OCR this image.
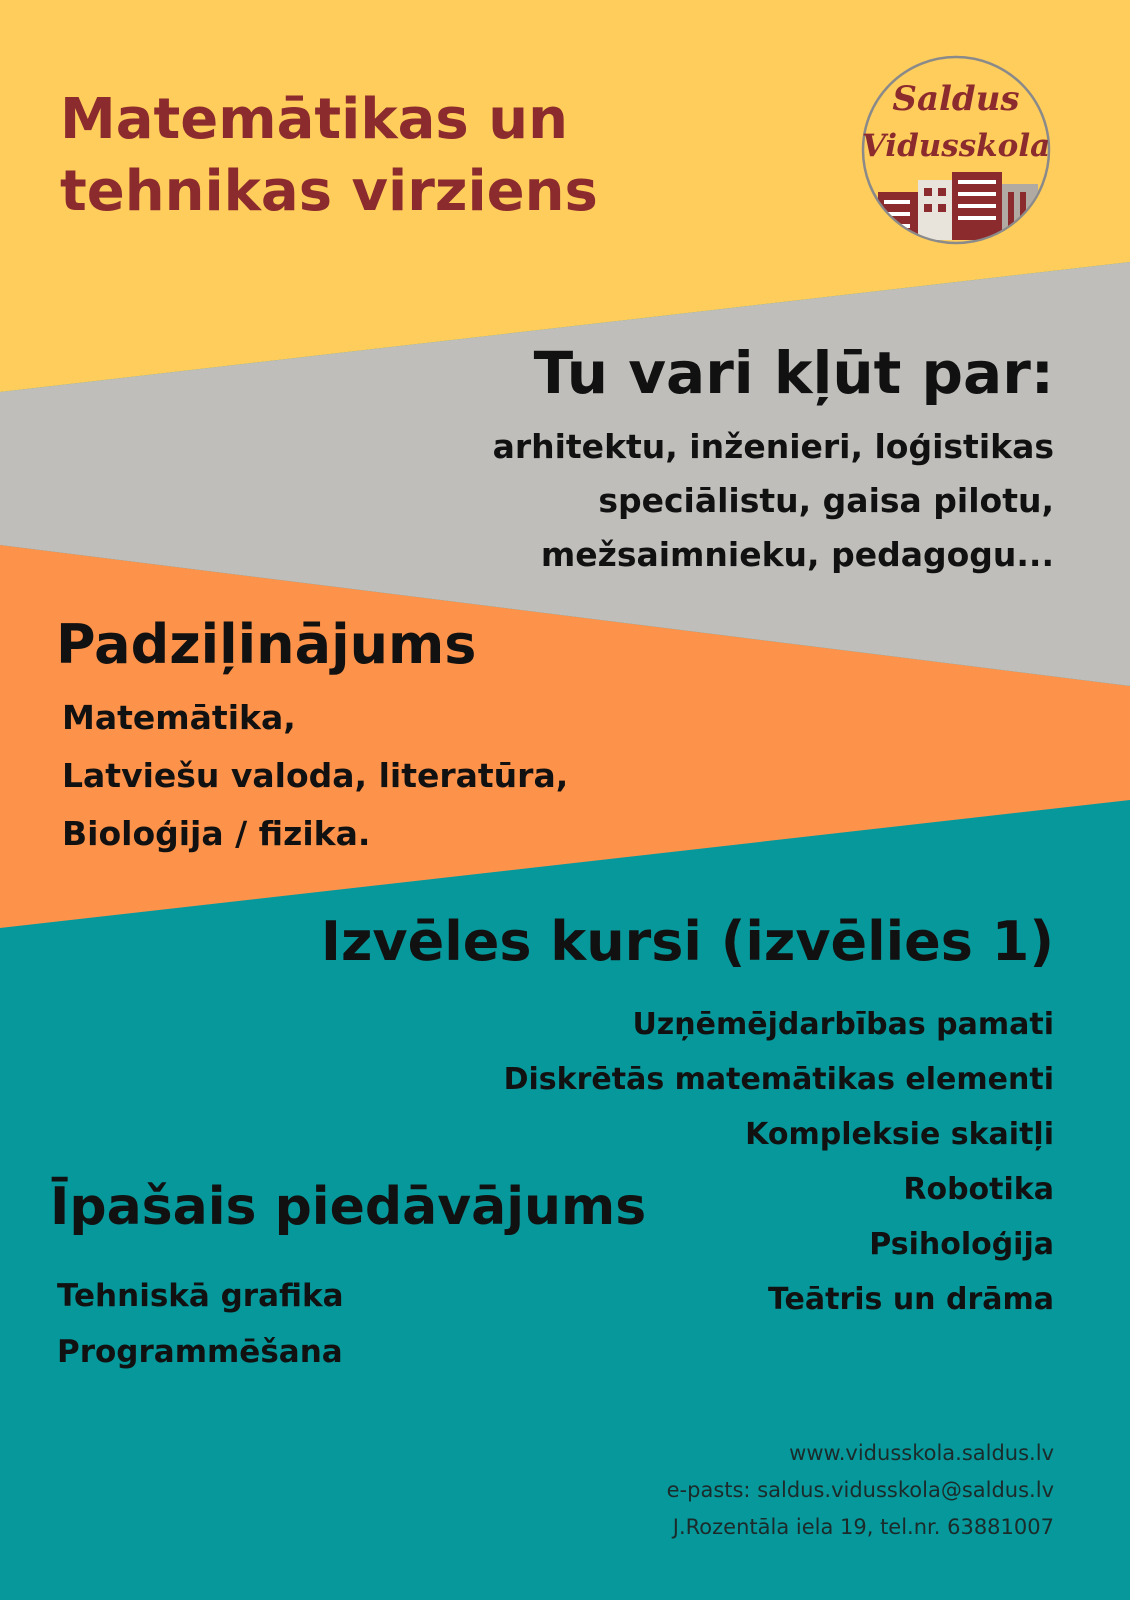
Matemātikas un
tehnikas virziens
Saldus
Vidusskola
Tu vari kļūt par:
arhitektu, inženieri, loģistikas
speciālistu, gaisa pilotu,
mežsaimnieku, pedagogu...
Padziļinājums
Matemātika,
Latviešu valoda, literatūra,
Bioloģija / fizika.
Izvēles kursi (izvēlies 1)
Uzņēmējdarbības pamati
Diskrētās matemātikas elementi
Kompleksie skaitļi
Robotika
Psiholoģija
Teātris un drāma
Īpašais piedāvājums
Tehniskā grafika
Programmēšana
www.vidusskola.saldus.lv
e-pasts: saldus.vidusskola@saldus.lv
J.Rozentāla iela 19, tel.nr. 63881007
